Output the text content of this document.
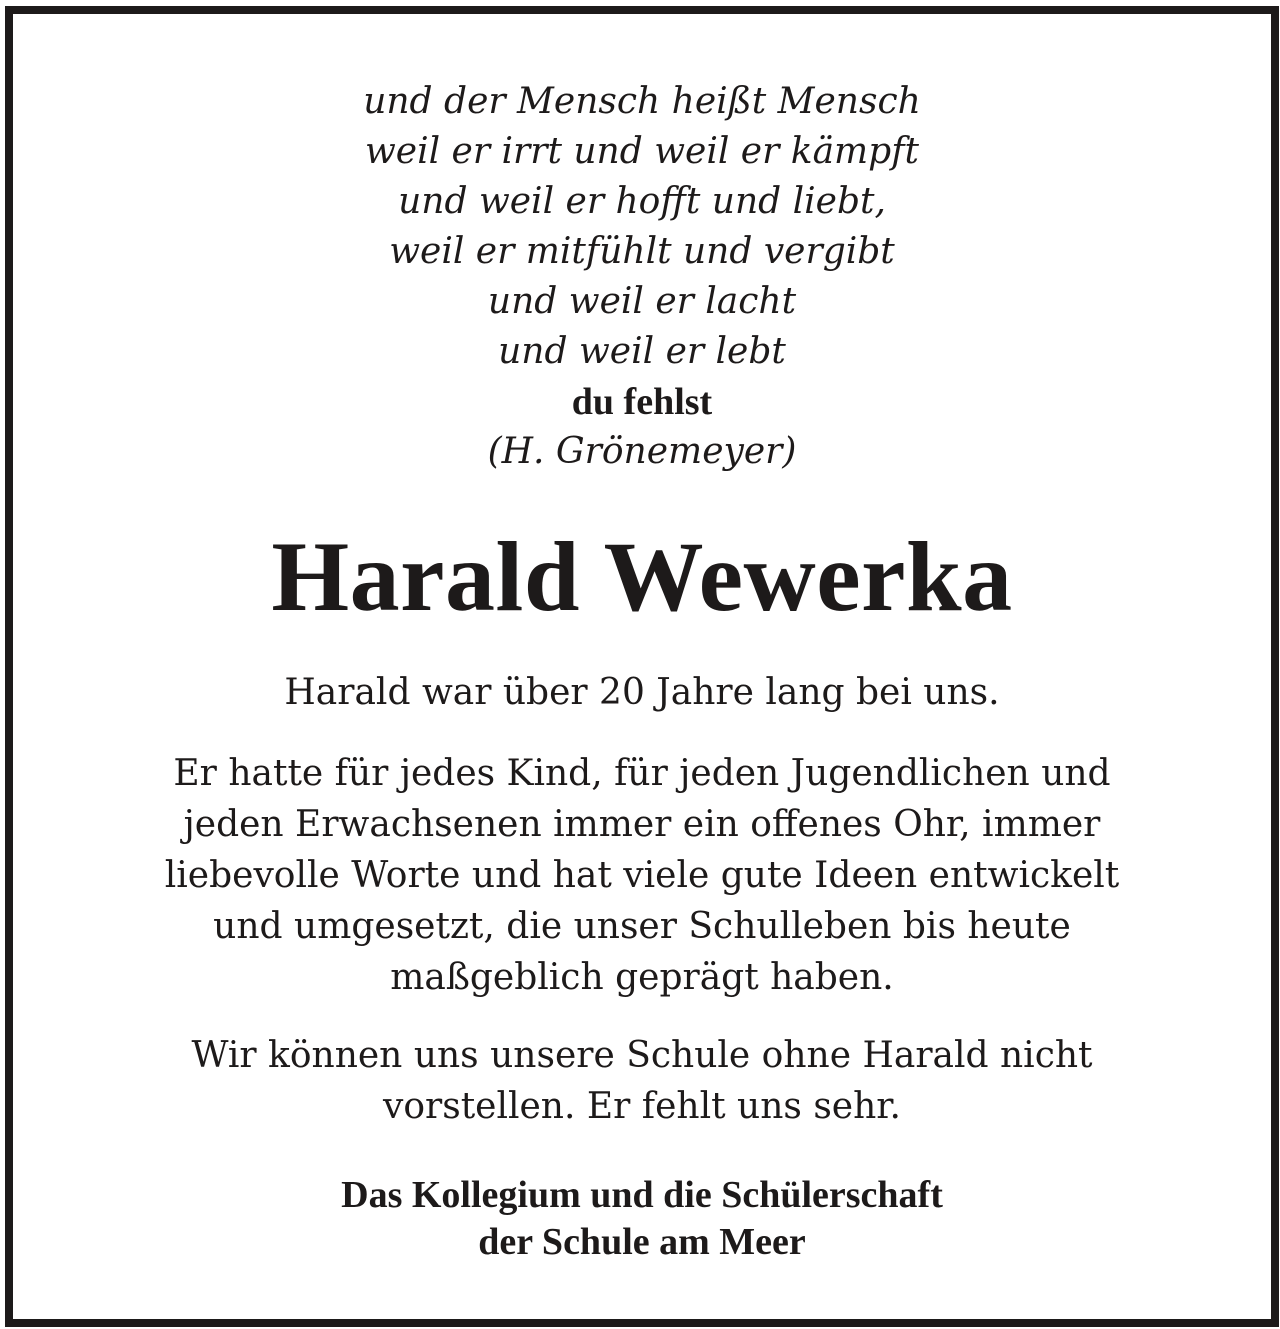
und der Mensch heißt Mensch
weil er irrt und weil er kämpft
und weil er hofft und liebt,
weil er mitfühlt und vergibt
und weil er lacht
und weil er lebt
du fehlst
(H. Grönemeyer)
Harald Wewerka
Harald war über 20 Jahre lang bei uns.
Er hatte für jedes Kind, für jeden Jugendlichen und
jeden Erwachsenen immer ein offenes Ohr, immer
liebevolle Worte und hat viele gute Ideen entwickelt
und umgesetzt, die unser Schulleben bis heute
maßgeblich geprägt haben.
Wir können uns unsere Schule ohne Harald nicht
vorstellen. Er fehlt uns sehr.
Das Kollegium und die Schülerschaft
der Schule am Meer
